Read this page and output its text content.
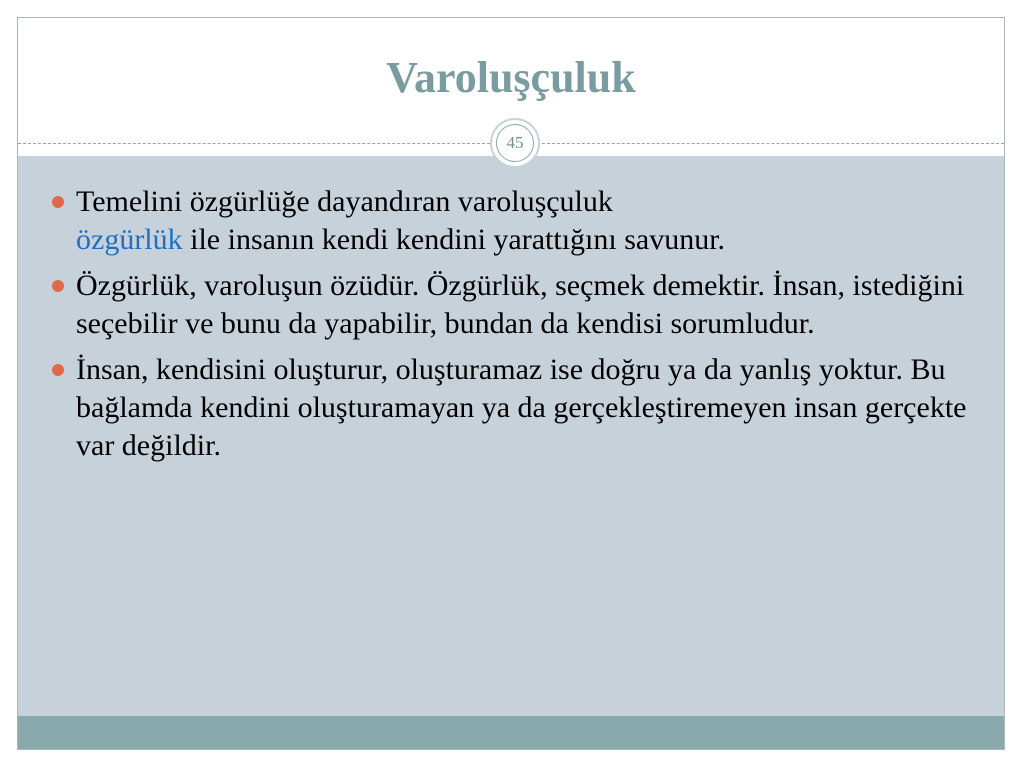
Varoluşçuluk
45
Temelini özgürlüğe dayandıran varoluşçuluk
özgürlük ile insanın kendi kendini yarattığını savunur.
Özgürlük, varoluşun özüdür. Özgürlük, seçmek demektir. İnsan, istediğini seçebilir ve bunu da yapabilir, bundan da kendisi sorumludur.
İnsan, kendisini oluşturur, oluşturamaz ise doğru ya da yanlış yoktur. Bu bağlamda kendini oluşturamayan ya da gerçekleştiremeyen insan gerçekte var değildir.
